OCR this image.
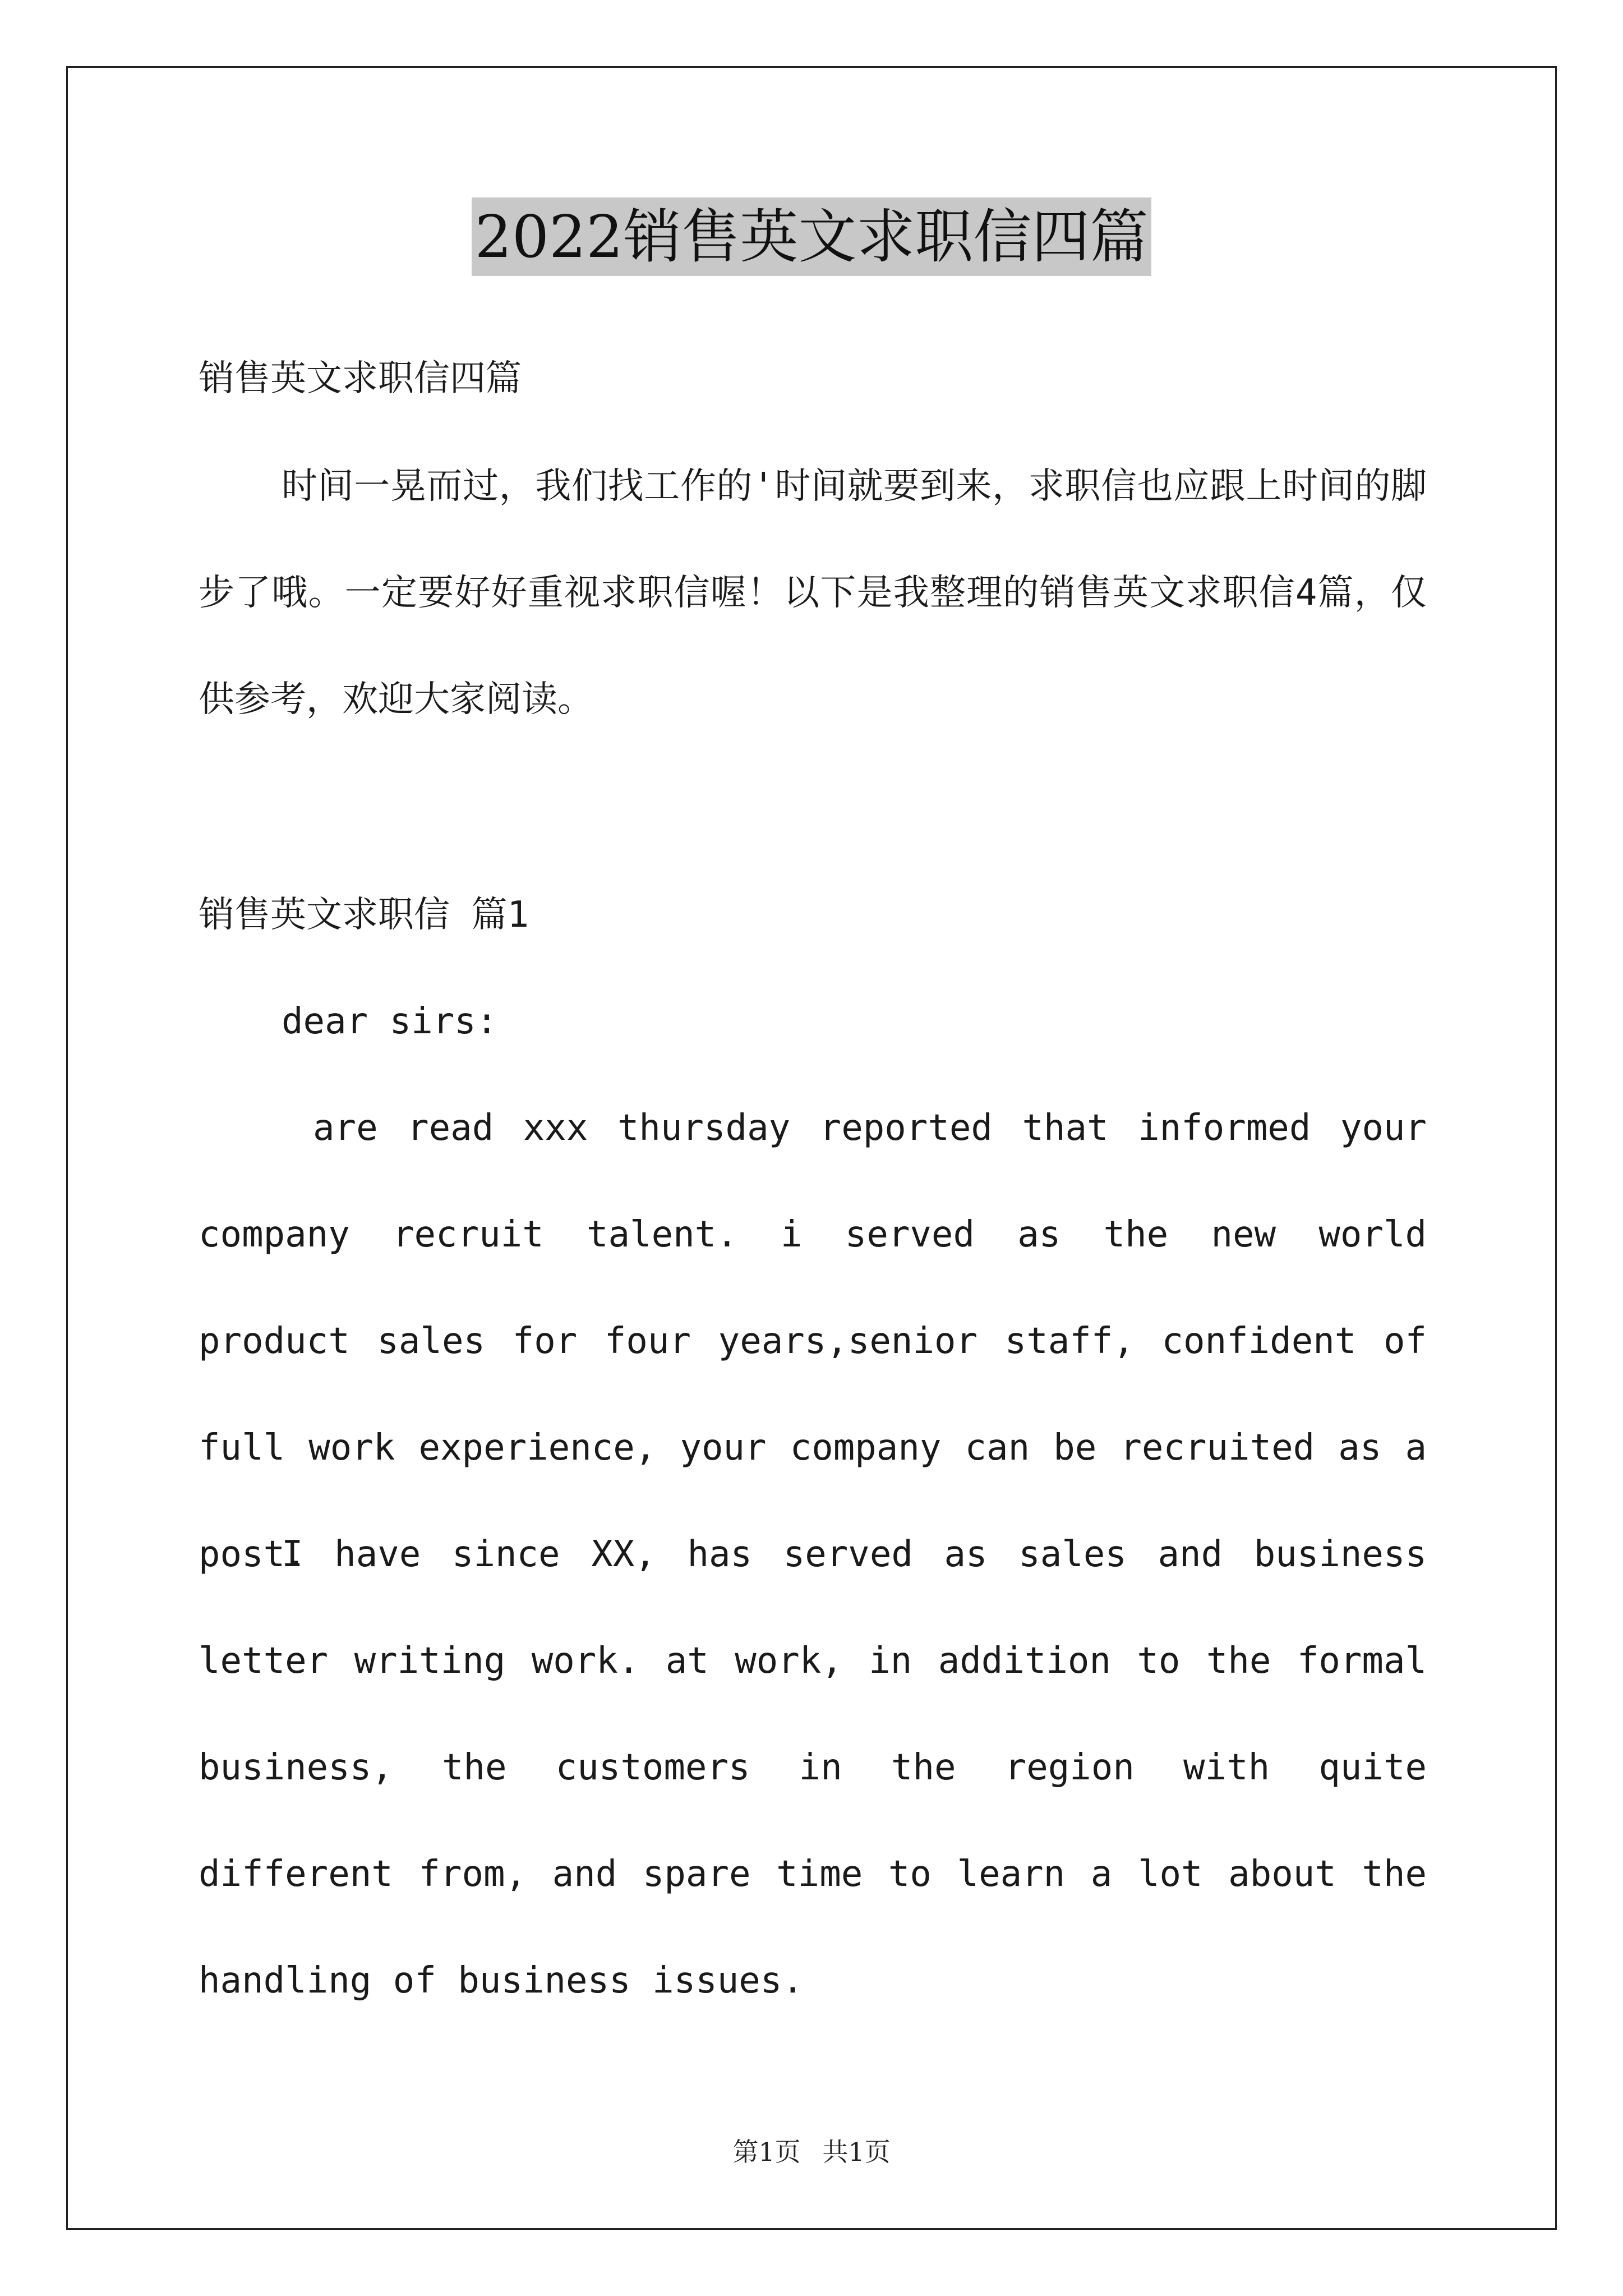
2022销售英文求职信四篇
销售英文求职信四篇
时间一晃而过，我们找工作的'时间就要到来，求职信也应跟上时间的脚步了哦。一定要好好重视求职信喔！以下是我整理的销售英文求职信4篇，仅供参考，欢迎大家阅读。
销售英文求职信 篇1
dear sirs:
are read xxx thursday reported that informed your company recruit talent. i served as the new world product sales for four years,senior staff, confident of full work experience, your company can be recruited as a post.
I have since XX, has served as sales and business letter writing work. at work, in addition to the formal business, the customers in the region with quite different from, and spare time to learn a lot about the handling of business issues.
第1页 共1页
